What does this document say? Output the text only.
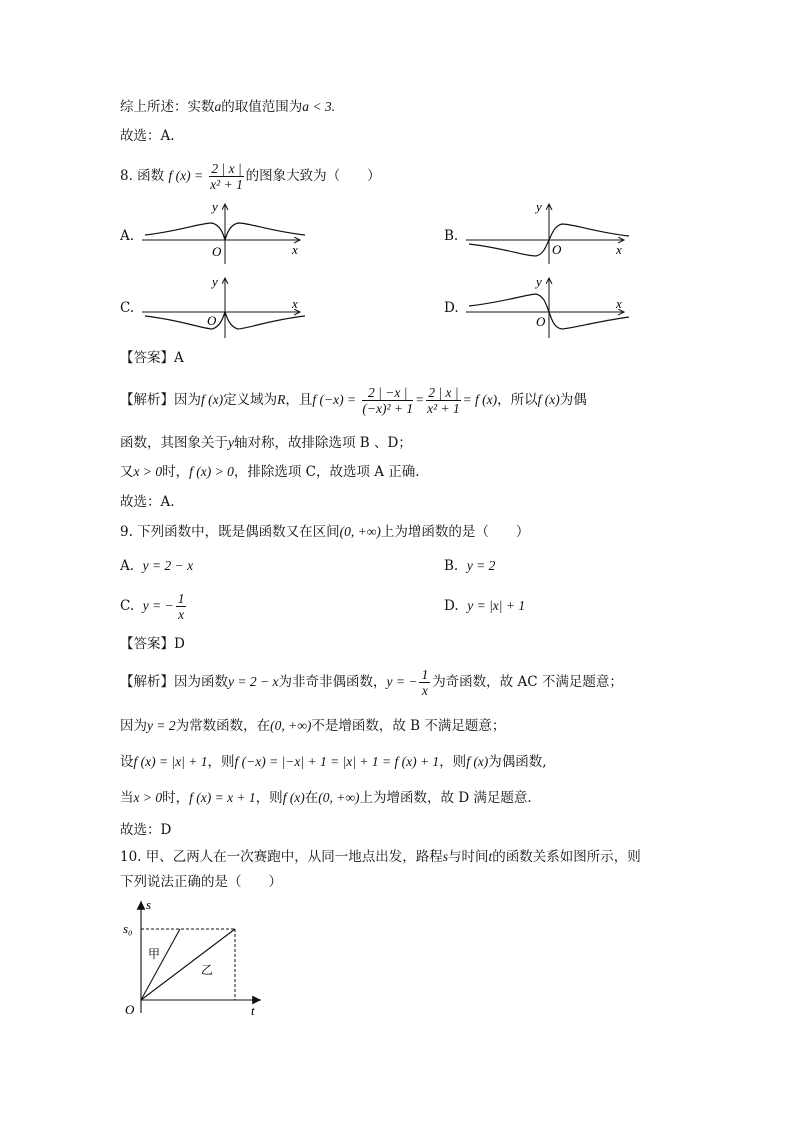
综上所述：实数a的取值范围为a < 3.
故选：A.
8. 函数 f $(x) = \frac{2 | x |}{\text{x² + 1}}$ 的图象大致为（　　）
A.	B.
C.	D.
y
x
O
y
x
O
y
x
O
y
x
O
【答案】A
【解析】因为f (x)定义域为R，且f $(-x) = \frac{2 | -x |}{\text{(−x)² + 1}} = \frac{2 | x |}{\text{x² + 1}} = f$ (x)，所以f (x)为偶
函数，其图象关于y轴对称，故排除选项 B 、D；
又x > 0时，f (x) > 0，排除选项 C，故选项 A 正确.
故选：A.
9. 下列函数中，既是偶函数又在区间(0, +∞)上为增函数的是（　　）
A. y = 2 − x	B. y = 2
C. y = − $\frac{1}{x}$	D. y = |x| + 1
【答案】D
【解析】因为函数y = 2 − x为非奇非偶函数，y = − $\frac{1}{x}$ 为奇函数，故 AC 不满足题意；
因为y = 2为常数函数，在(0, +∞)不是增函数，故 B 不满足题意；
设f (x) = |x| + 1，则f (−x) = |−x| + 1 = |x| + 1 = f (x) + 1，则f (x)为偶函数,
当x > 0时，f (x) = x + 1，则f (x)在(0, +∞)上为增函数，故 D 满足题意.
故选：D
10. 甲、乙两人在一次赛跑中，从同一地点出发，路程s与时间t的函数关系如图所示，则
下列说法正确的是（　　）
s
s₀
t
O
甲
乙
